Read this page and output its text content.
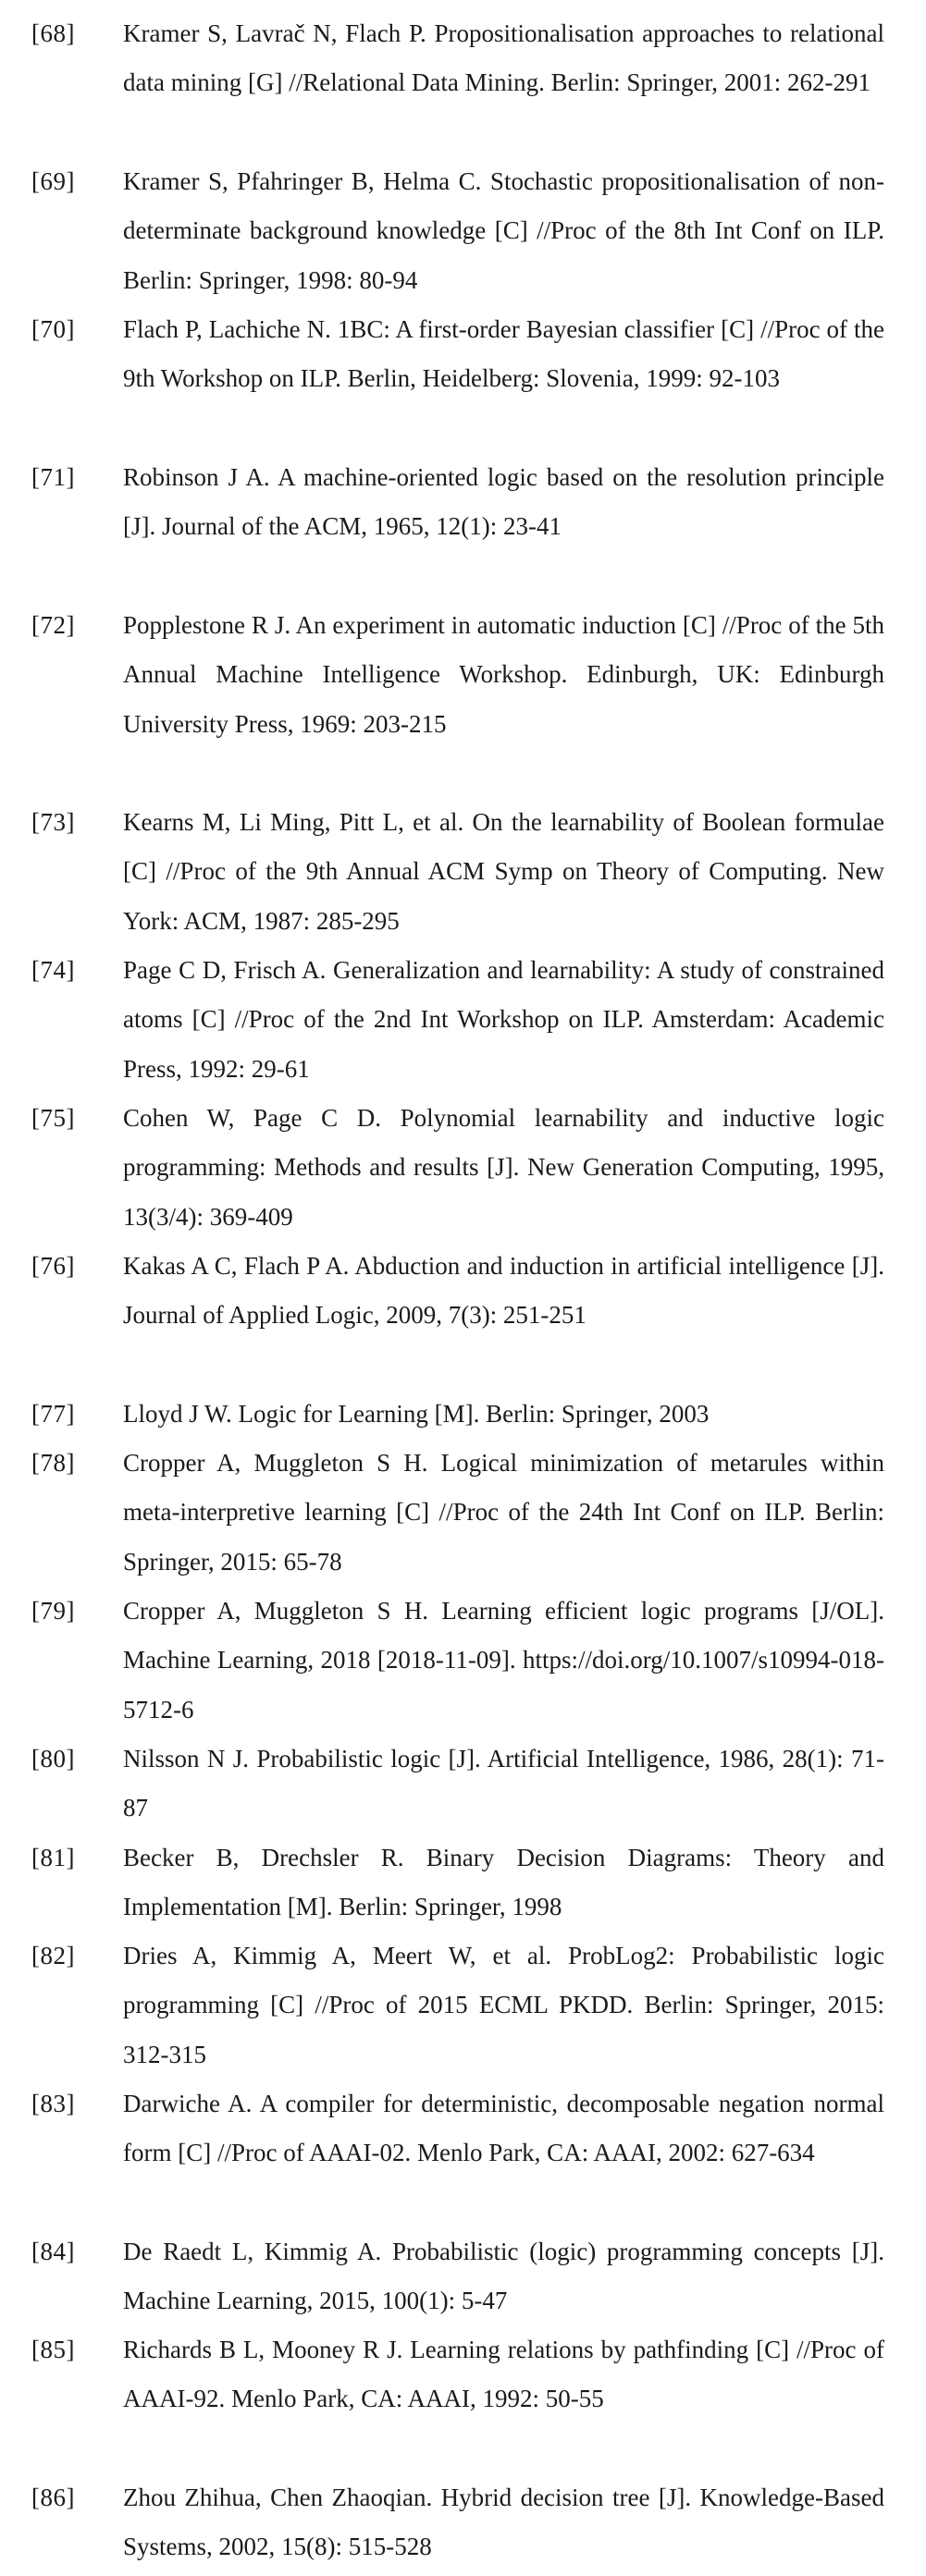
[68] Kramer S, Lavrač N, Flach P. Propositionalisation approaches to relational data mining [G] //Relational Data Mining. Berlin: Springer, 2001: 262-291
[69] Kramer S, Pfahringer B, Helma C. Stochastic propositionalisation of non-determinate background knowledge [C] //Proc of the 8th Int Conf on ILP. Berlin: Springer, 1998: 80-94
[70] Flach P, Lachiche N. 1BC: A first-order Bayesian classifier [C] //Proc of the 9th Workshop on ILP. Berlin, Heidelberg: Slovenia, 1999: 92-103
[71] Robinson J A. A machine-oriented logic based on the resolution principle [J]. Journal of the ACM, 1965, 12(1): 23-41
[72] Popplestone R J. An experiment in automatic induction [C] //Proc of the 5th Annual Machine Intelligence Workshop. Edinburgh, UK: Edinburgh University Press, 1969: 203-215
[73] Kearns M, Li Ming, Pitt L, et al. On the learnability of Boolean formulae [C] //Proc of the 9th Annual ACM Symp on Theory of Computing. New York: ACM, 1987: 285-295
[74] Page C D, Frisch A. Generalization and learnability: A study of constrained atoms [C] //Proc of the 2nd Int Workshop on ILP. Amsterdam: Academic Press, 1992: 29-61
[75] Cohen W, Page C D. Polynomial learnability and inductive logic programming: Methods and results [J]. New Generation Computing, 1995, 13(3/4): 369-409
[76] Kakas A C, Flach P A. Abduction and induction in artificial intelligence [J]. Journal of Applied Logic, 2009, 7(3): 251-251
[77] Lloyd J W. Logic for Learning [M]. Berlin: Springer, 2003
[78] Cropper A, Muggleton S H. Logical minimization of metarules within meta-interpretive learning [C] //Proc of the 24th Int Conf on ILP. Berlin: Springer, 2015: 65-78
[79] Cropper A, Muggleton S H. Learning efficient logic programs [J/OL]. Machine Learning, 2018 [2018-11-09]. https://doi.org/10.1007/s10994-018-5712-6
[80] Nilsson N J. Probabilistic logic [J]. Artificial Intelligence, 1986, 28(1): 71-87
[81] Becker B, Drechsler R. Binary Decision Diagrams: Theory and Implementation [M]. Berlin: Springer, 1998
[82] Dries A, Kimmig A, Meert W, et al. ProbLog2: Probabilistic logic programming [C] //Proc of 2015 ECML PKDD. Berlin: Springer, 2015: 312-315
[83] Darwiche A. A compiler for deterministic, decomposable negation normal form [C] //Proc of AAAI-02. Menlo Park, CA: AAAI, 2002: 627-634
[84] De Raedt L, Kimmig A. Probabilistic (logic) programming concepts [J]. Machine Learning, 2015, 100(1): 5-47
[85] Richards B L, Mooney R J. Learning relations by pathfinding [C] //Proc of AAAI-92. Menlo Park, CA: AAAI, 1992: 50-55
[86] Zhou Zhihua, Chen Zhaoqian. Hybrid decision tree [J]. Knowledge-Based Systems, 2002, 15(8): 515-528
